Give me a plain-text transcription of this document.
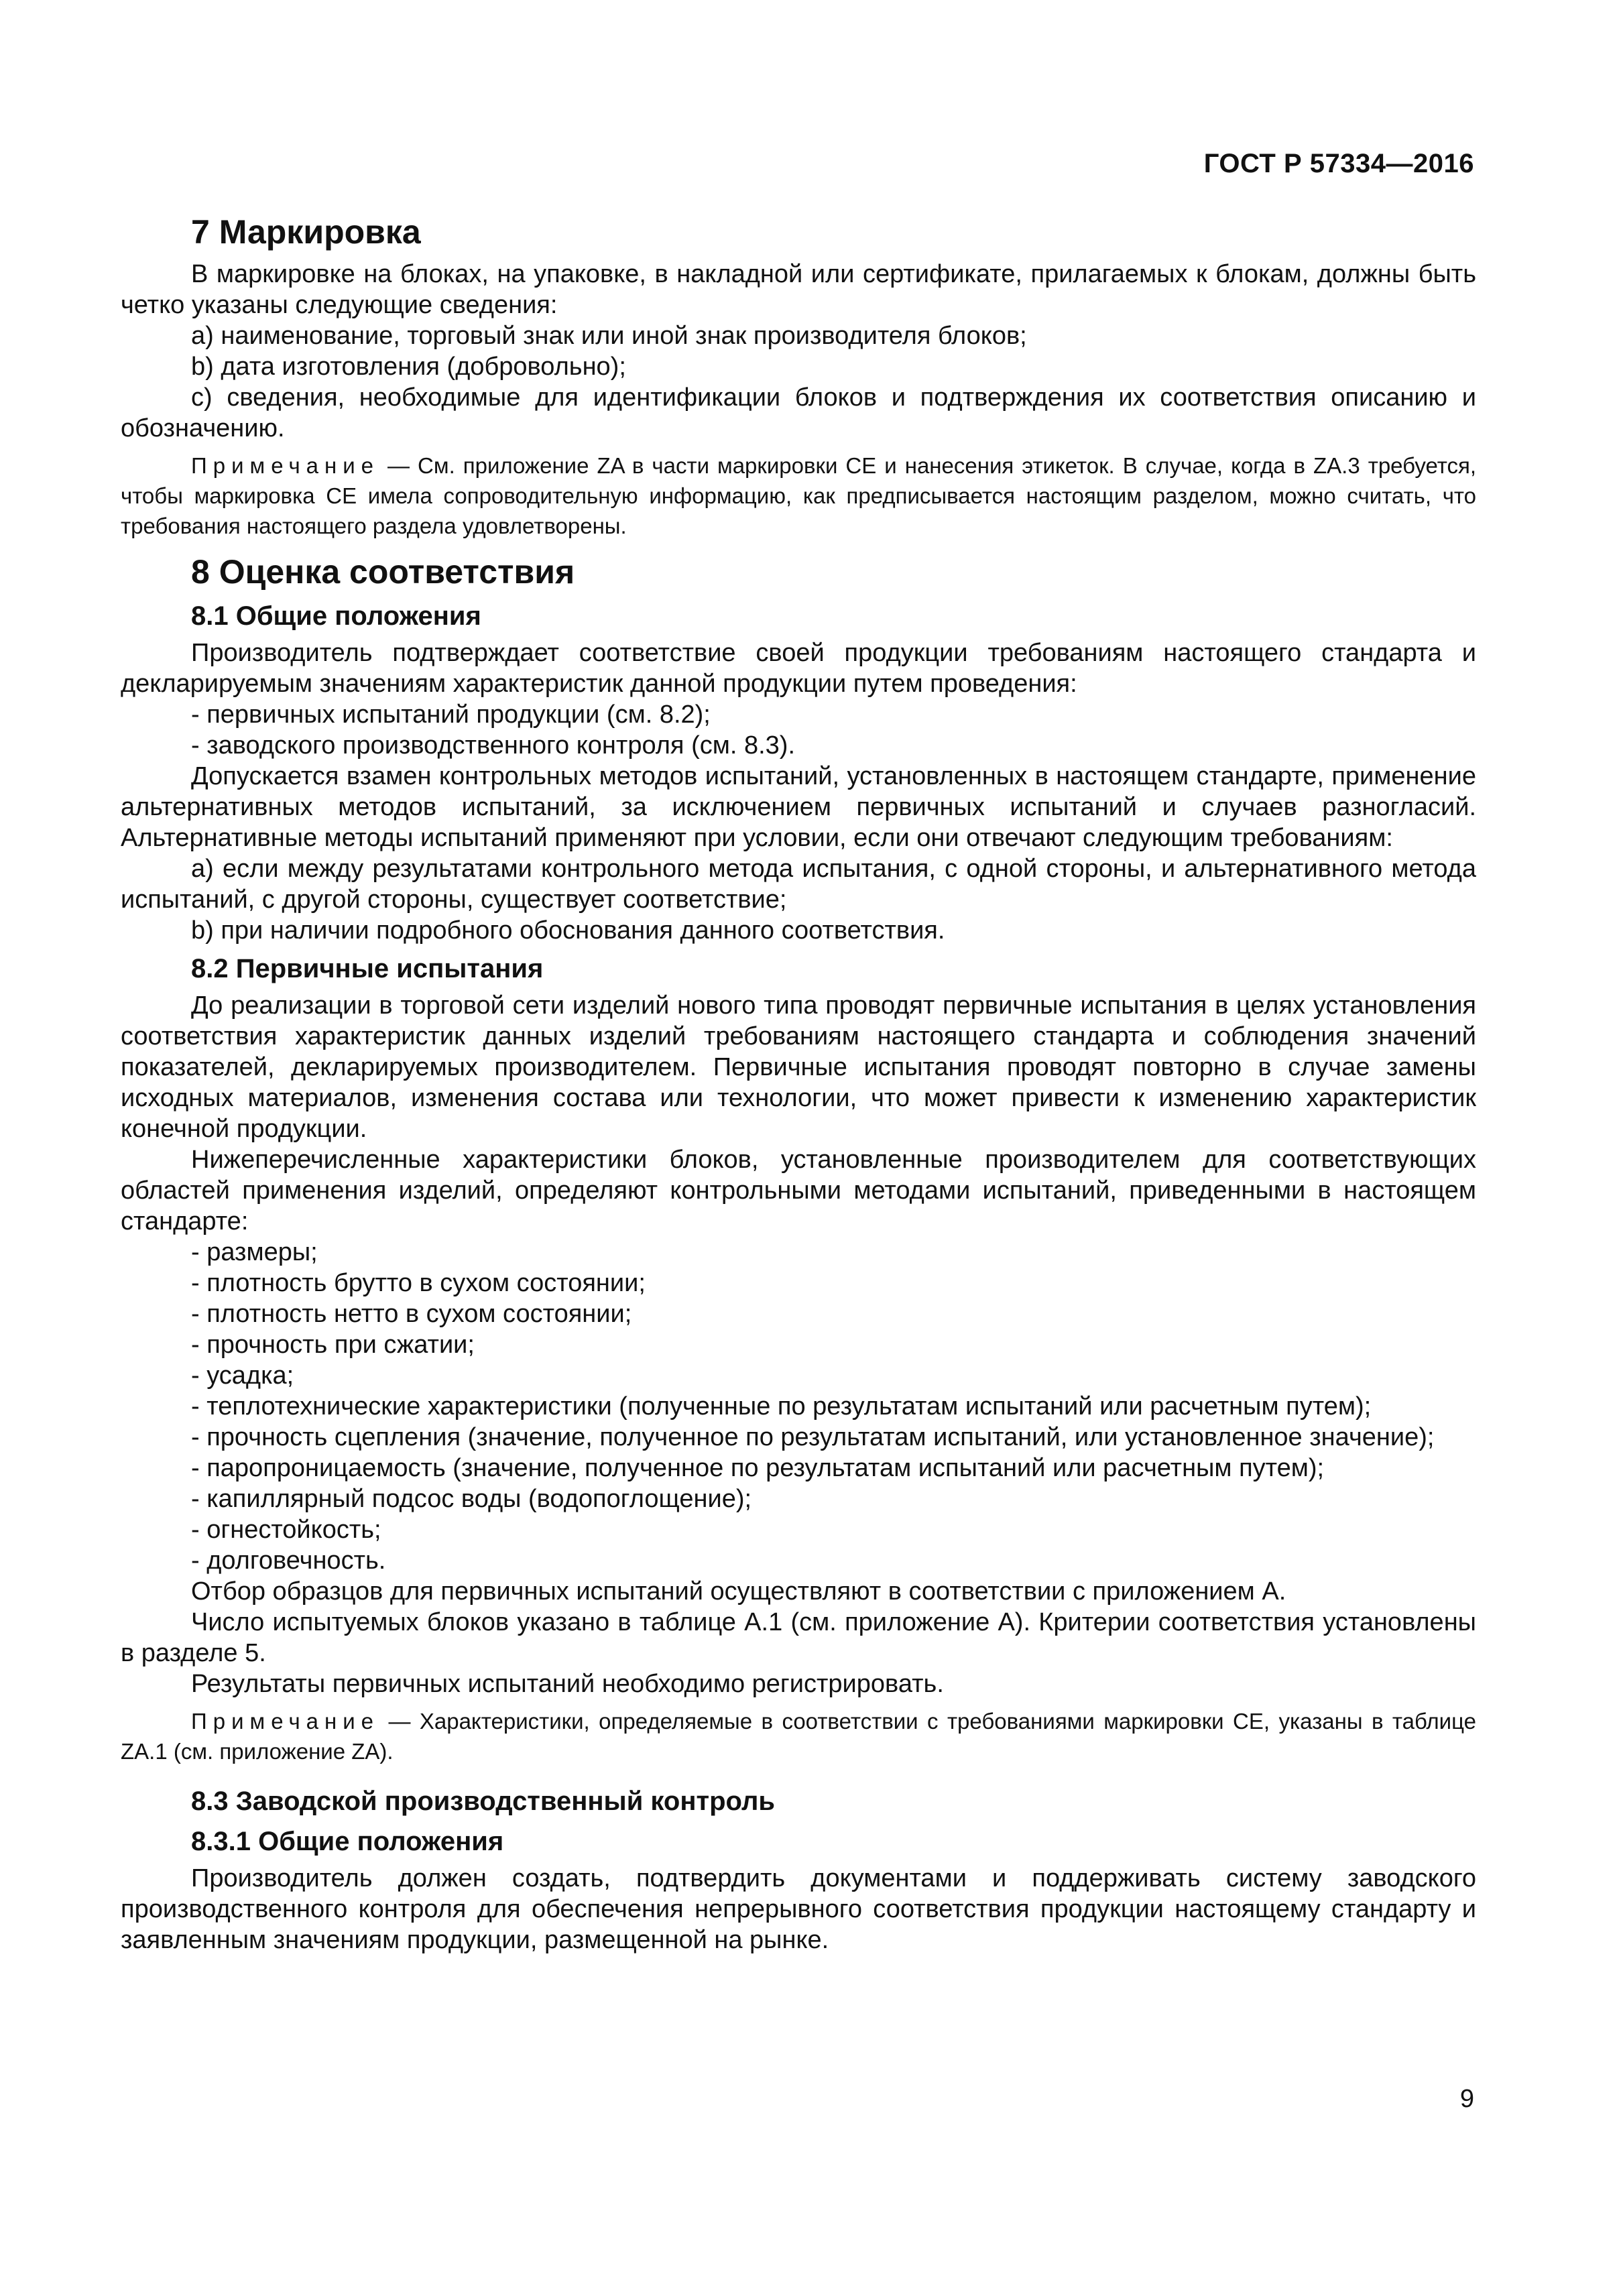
ГОСТ Р 57334—2016
7 Маркировка

В маркировке на блоках, на упаковке, в накладной или сертификате, прилагаемых к блокам, должны быть четко указаны следующие сведения:

a) наименование, торговый знак или иной знак производителя блоков;

b) дата изготовления (добровольно);

c) сведения, необходимые для идентификации блоков и подтверждения их соответствия описанию и обозначению.

Примечание — См. приложение ZA в части маркировки CE и нанесения этикеток. В случае, когда в ZA.3 требуется, чтобы маркировка CE имела сопроводительную информацию, как предписывается настоящим разделом, можно считать, что требования настоящего раздела удовлетворены.
8 Оценка соответствия
8.1 Общие положения

Производитель подтверждает соответствие своей продукции требованиям настоящего стандарта и декларируемым значениям характеристик данной продукции путем проведения:

- первичных испытаний продукции (см. 8.2);

- заводского производственного контроля (см. 8.3).

Допускается взамен контрольных методов испытаний, установленных в настоящем стандарте, применение альтернативных методов испытаний, за исключением первичных испытаний и случаев разногласий. Альтернативные методы испытаний применяют при условии, если они отвечают следующим требованиям:

a) если между результатами контрольного метода испытания, с одной стороны, и альтернативного метода испытаний, с другой стороны, существует соответствие;

b) при наличии подробного обоснования данного соответствия.

8.2 Первичные испытания

До реализации в торговой сети изделий нового типа проводят первичные испытания в целях установления соответствия характеристик данных изделий требованиям настоящего стандарта и соблюдения значений показателей, декларируемых производителем. Первичные испытания проводят повторно в случае замены исходных материалов, изменения состава или технологии, что может привести к изменению характеристик конечной продукции.

Нижеперечисленные характеристики блоков, установленные производителем для соответствующих областей применения изделий, определяют контрольными методами испытаний, приведенными в настоящем стандарте:

- размеры;

- плотность брутто в сухом состоянии;

- плотность нетто в сухом состоянии;

- прочность при сжатии;

- усадка;

- теплотехнические характеристики (полученные по результатам испытаний или расчетным путем);

- прочность сцепления (значение, полученное по результатам испытаний, или установленное значение);

- паропроницаемость (значение, полученное по результатам испытаний или расчетным путем);

- капиллярный подсос воды (водопоглощение);

- огнестойкость;

- долговечность.

Отбор образцов для первичных испытаний осуществляют в соответствии с приложением А.

Число испытуемых блоков указано в таблице А.1 (см. приложение А). Критерии соответствия установлены в разделе 5.

Результаты первичных испытаний необходимо регистрировать.

Примечание — Характеристики, определяемые в соответствии с требованиями маркировки CE, указаны в таблице ZA.1 (см. приложение ZA).
8.3 Заводской производственный контроль
8.3.1 Общие положения

Производитель должен создать, подтвердить документами и поддерживать систему заводского производственного контроля для обеспечения непрерывного соответствия продукции настоящему стандарту и заявленным значениям продукции, размещенной на рынке.

9
